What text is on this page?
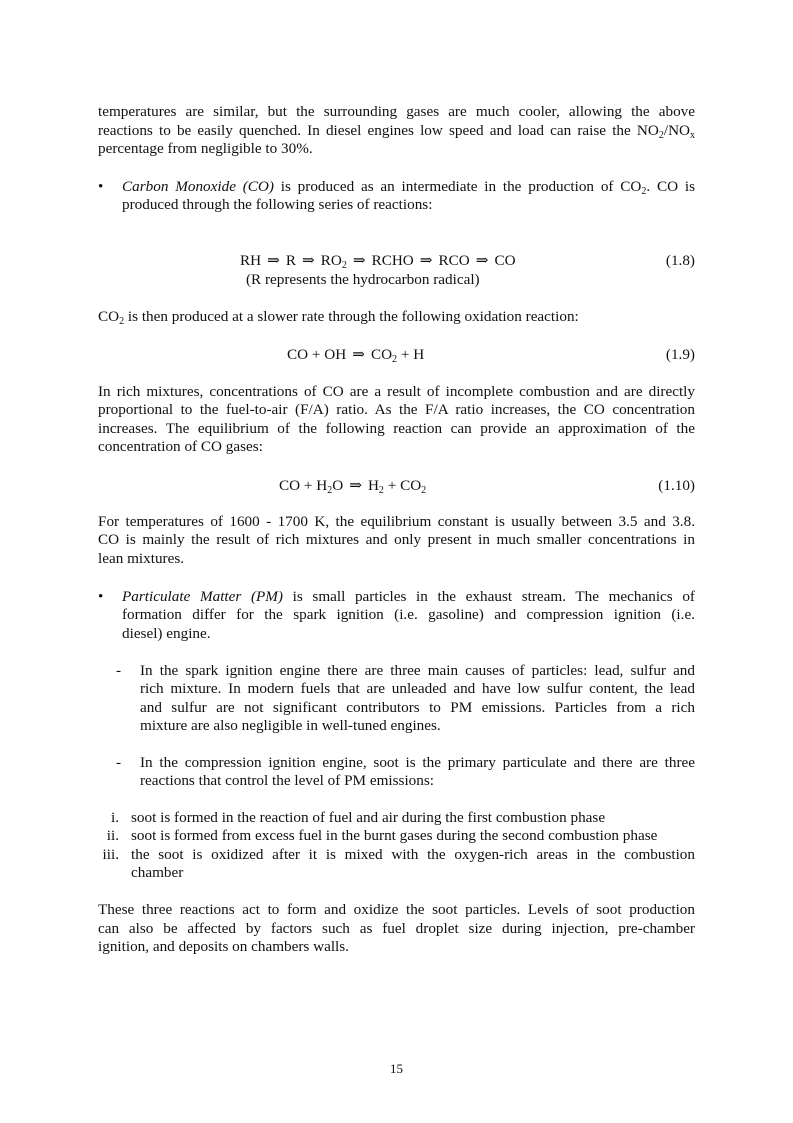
temperatures are similar, but the surrounding gases are much cooler, allowing the above
reactions to be easily quenched. In diesel engines low speed and load can raise the $NO_2/NO_x$
percentage from negligible to 30%.
• Carbon Monoxide (CO) is produced as an intermediate in the production of $CO_2$. CO is
produced through the following series of reactions:
RH ⇒ R ⇒ $RO_2$ ⇒ RCHO ⇒ RCO ⇒ CO	(1.8)
(R represents the hydrocarbon radical)
$CO_2$ is then produced at a slower rate through the following oxidation reaction:
CO + OH ⇒ $CO_2 + H$	(1.9)
In rich mixtures, concentrations of CO are a result of incomplete combustion and are directly
proportional to the fuel-to-air (F/A) ratio. As the F/A ratio increases, the CO concentration
increases. The equilibrium of the following reaction can provide an approximation of the
concentration of CO gases:
CO + $H_2O$ ⇒ $H_2 + CO_2$	(1.10)
For temperatures of 1600 - 1700 K, the equilibrium constant is usually between 3.5 and 3.8.
CO is mainly the result of rich mixtures and only present in much smaller concentrations in
lean mixtures.
• Particulate Matter (PM) is small particles in the exhaust stream. The mechanics of
formation differ for the spark ignition (i.e. gasoline) and compression ignition (i.e.
diesel) engine.
- In the spark ignition engine there are three main causes of particles: lead, sulfur and
rich mixture. In modern fuels that are unleaded and have low sulfur content, the lead
and sulfur are not significant contributors to PM emissions. Particles from a rich
mixture are also negligible in well-tuned engines.
- In the compression ignition engine, soot is the primary particulate and there are three
reactions that control the level of PM emissions:
i. soot is formed in the reaction of fuel and air during the first combustion phase
ii. soot is formed from excess fuel in the burnt gases during the second combustion phase
iii. the soot is oxidized after it is mixed with the oxygen-rich areas in the combustion
chamber
These three reactions act to form and oxidize the soot particles. Levels of soot production
can also be affected by factors such as fuel droplet size during injection, pre-chamber
ignition, and deposits on chambers walls.
15
